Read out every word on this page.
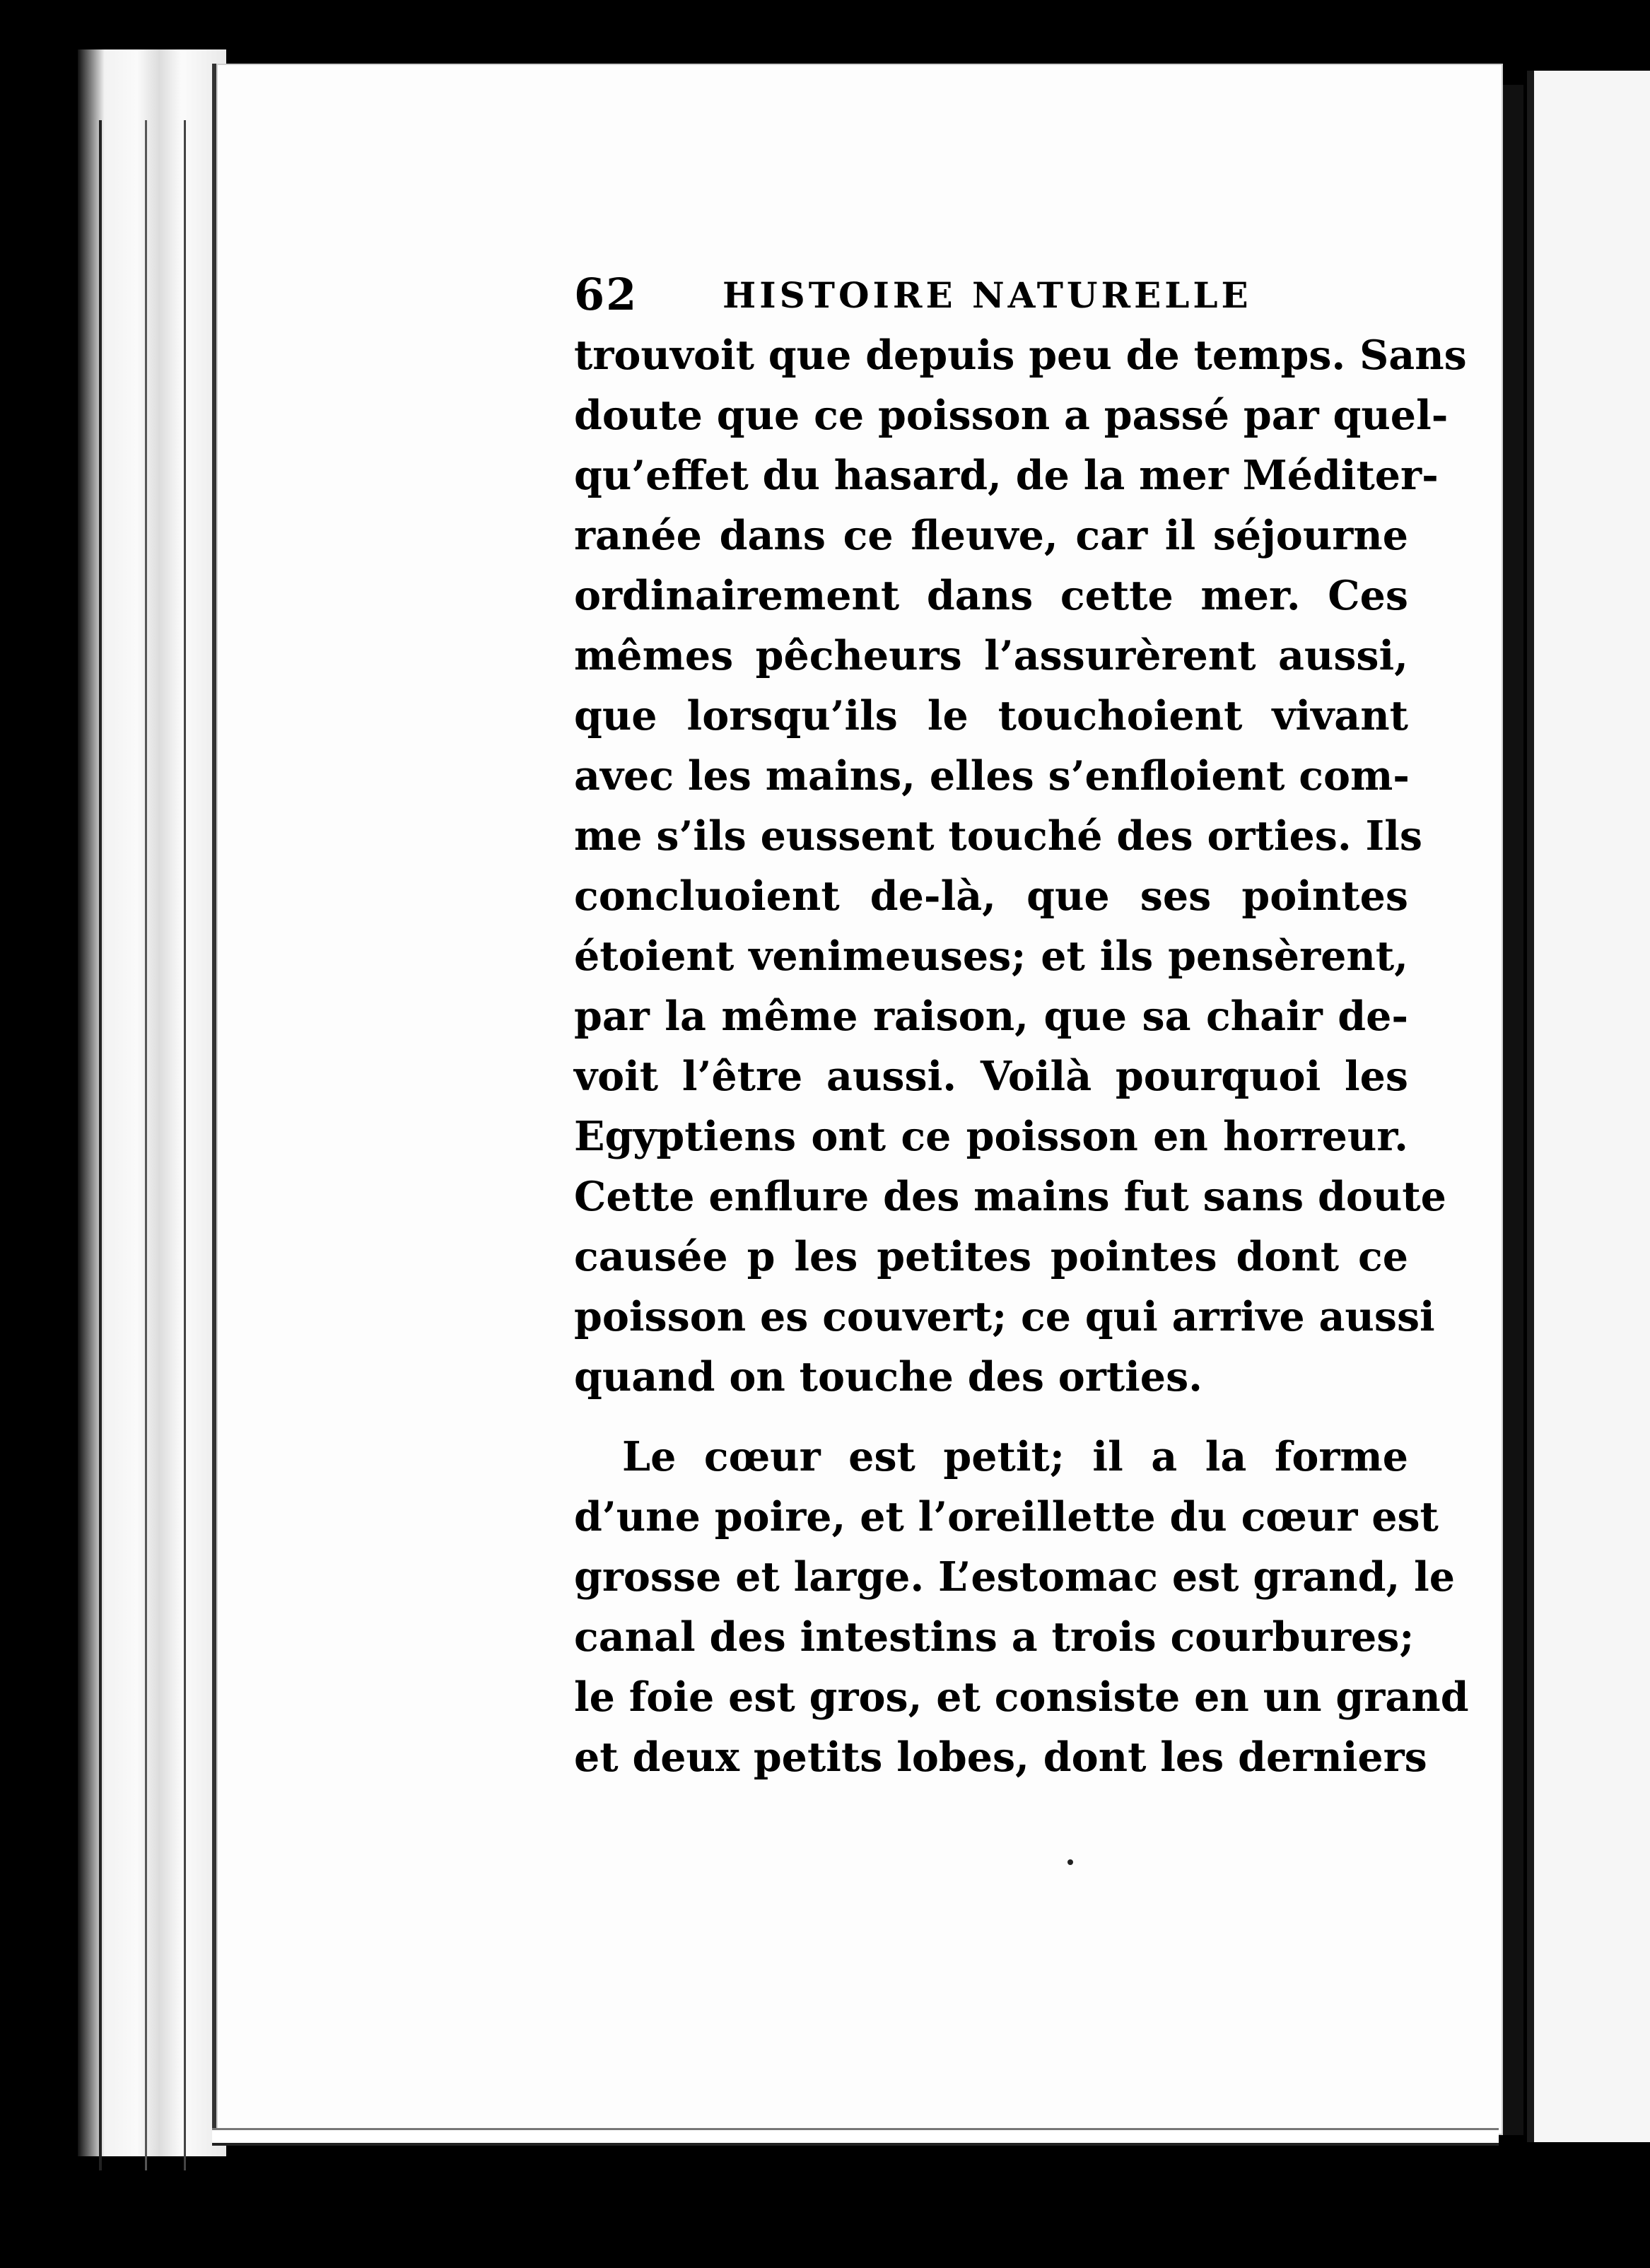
62 HISTOIRE NATURELLE
trouvoit que depuis peu de temps. Sans
doute que ce poisson a passé par quel-
qu’effet du hasard, de la mer Méditer-
ranée dans ce fleuve, car il séjourne
ordinairement dans cette mer. Ces
mêmes pêcheurs l’assurèrent aussi,
que lorsqu’ils le touchoient vivant
avec les mains, elles s’enfloient com-
me s’ils eussent touché des orties. Ils
concluoient de-là, que ses pointes
étoient venimeuses; et ils pensèrent,
par la même raison, que sa chair de-
voit l’être aussi. Voilà pourquoi les
Egyptiens ont ce poisson en horreur.
Cette enflure des mains fut sans doute
causée p les petites pointes dont ce
poisson es couvert; ce qui arrive aussi
quand on touche des orties.
Le cœur est petit; il a la forme
d’une poire, et l’oreillette du cœur est
grosse et large. L’estomac est grand, le
canal des intestins a trois courbures;
le foie est gros, et consiste en un grand
et deux petits lobes, dont les derniers
